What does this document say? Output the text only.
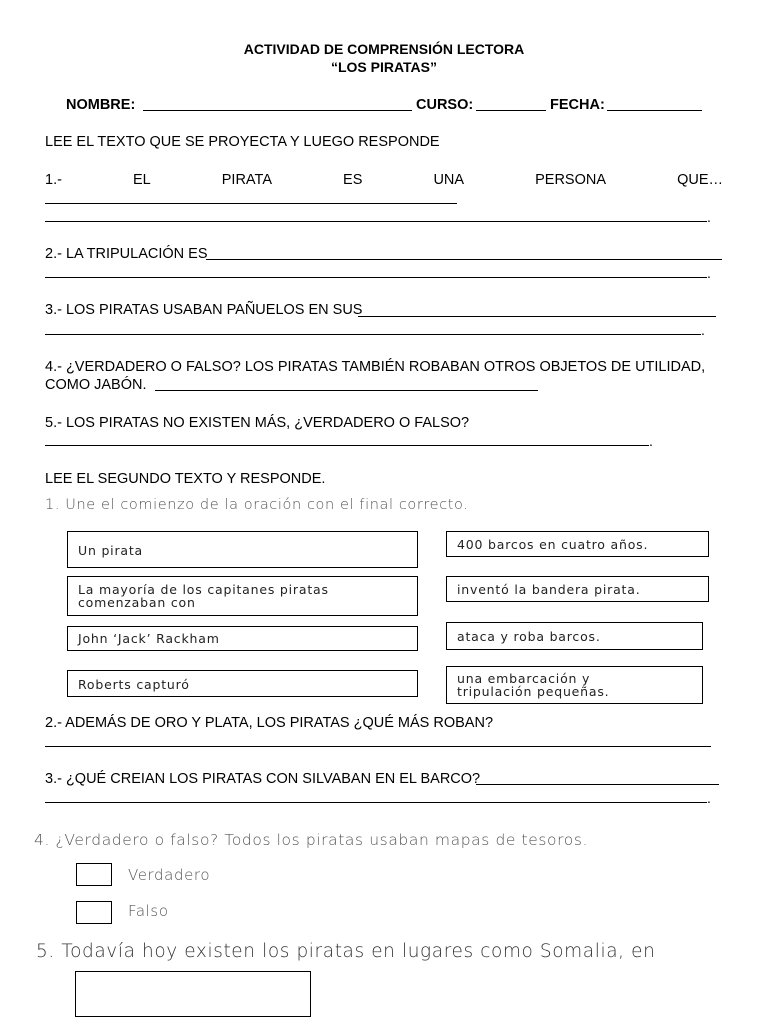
ACTIVIDAD DE COMPRENSIÓN LECTORA
“LOS PIRATAS”
NOMBRE:	CURSO:	FECHA:
LEE EL TEXTO QUE SE PROYECTA Y LUEGO RESPONDE
1.-	EL	PIRATA	ES	UNA	PERSONA	QUE…
.
2.- LA TRIPULACIÓN ES
.
3.- LOS PIRATAS USABAN PAÑUELOS EN SUS
.
4.- ¿VERDADERO O FALSO? LOS PIRATAS TAMBIÉN ROBABAN OTROS OBJETOS DE UTILIDAD,
COMO JABÓN.
5.- LOS PIRATAS NO EXISTEN MÁS, ¿VERDADERO O FALSO?
.
LEE EL SEGUNDO TEXTO Y RESPONDE.
1. Une el comienzo de la oración con el final correcto.
Un pirata
La mayoría de los capitanes piratas
comenzaban con
John ‘Jack’ Rackham
Roberts capturó
400 barcos en cuatro años.
inventó la bandera pirata.
ataca y roba barcos.
una embarcación y
tripulación pequeñas.
2.- ADEMÁS DE ORO Y PLATA, LOS PIRATAS ¿QUÉ MÁS ROBAN?
3.- ¿QUÉ CREIAN LOS PIRATAS CON SILVABAN EN EL BARCO?
.
4. ¿Verdadero o falso? Todos los piratas usaban mapas de tesoros.
Verdadero
Falso
5. Todavía hoy existen los piratas en lugares como Somalia, en
